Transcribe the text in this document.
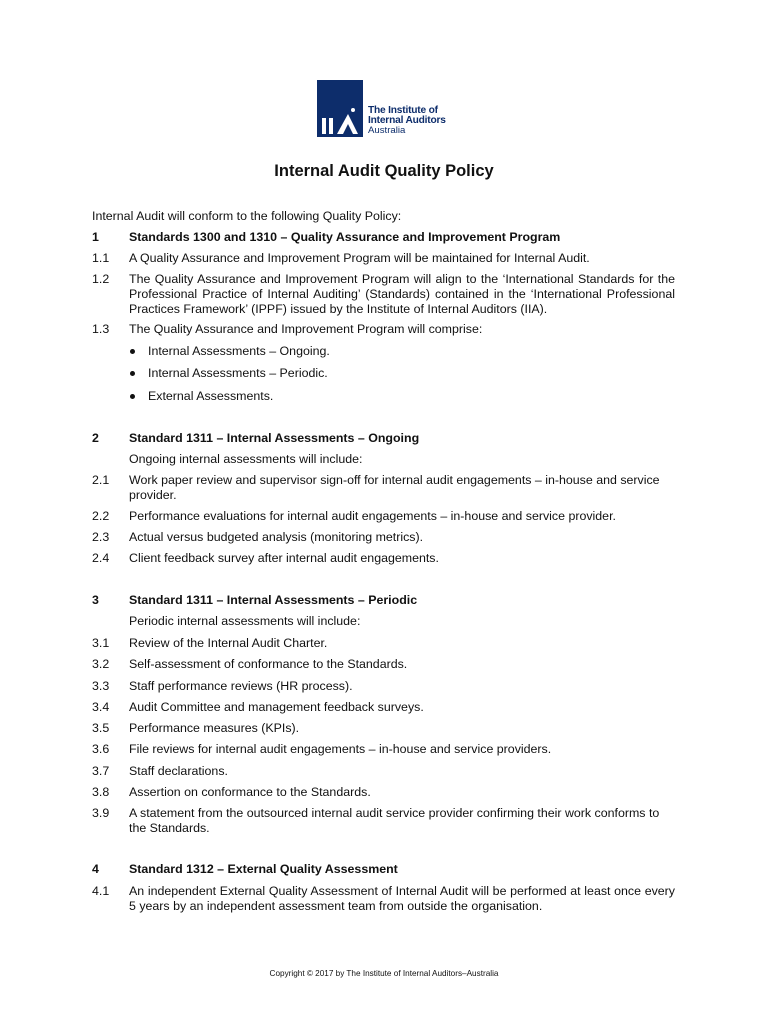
The Institute of
Internal Auditors
Australia
Internal Audit Quality Policy
Internal Audit will conform to the following Quality Policy:
1 Standards 1300 and 1310 – Quality Assurance and Improvement Program
1.1 A Quality Assurance and Improvement Program will be maintained for Internal Audit.
1.2 The Quality Assurance and Improvement Program will align to the ‘International Standards for the Professional Practice of Internal Auditing’ (Standards) contained in the ‘International Professional Practices Framework’ (IPPF) issued by the Institute of Internal Auditors (IIA).
1.3 The Quality Assurance and Improvement Program will comprise:
Internal Assessments – Ongoing.
Internal Assessments – Periodic.
External Assessments.
2 Standard 1311 – Internal Assessments – Ongoing
Ongoing internal assessments will include:
2.1 Work paper review and supervisor sign-off for internal audit engagements – in-house and service provider.
2.2 Performance evaluations for internal audit engagements – in-house and service provider.
2.3 Actual versus budgeted analysis (monitoring metrics).
2.4 Client feedback survey after internal audit engagements.
3 Standard 1311 – Internal Assessments – Periodic
Periodic internal assessments will include:
3.1 Review of the Internal Audit Charter.
3.2 Self-assessment of conformance to the Standards.
3.3 Staff performance reviews (HR process).
3.4 Audit Committee and management feedback surveys.
3.5 Performance measures (KPIs).
3.6 File reviews for internal audit engagements – in-house and service providers.
3.7 Staff declarations.
3.8 Assertion on conformance to the Standards.
3.9 A statement from the outsourced internal audit service provider confirming their work conforms to the Standards.
4 Standard 1312 – External Quality Assessment
4.1 An independent External Quality Assessment of Internal Audit will be performed at least once every 5 years by an independent assessment team from outside the organisation.
Copyright © 2017 by The Institute of Internal Auditors–Australia
